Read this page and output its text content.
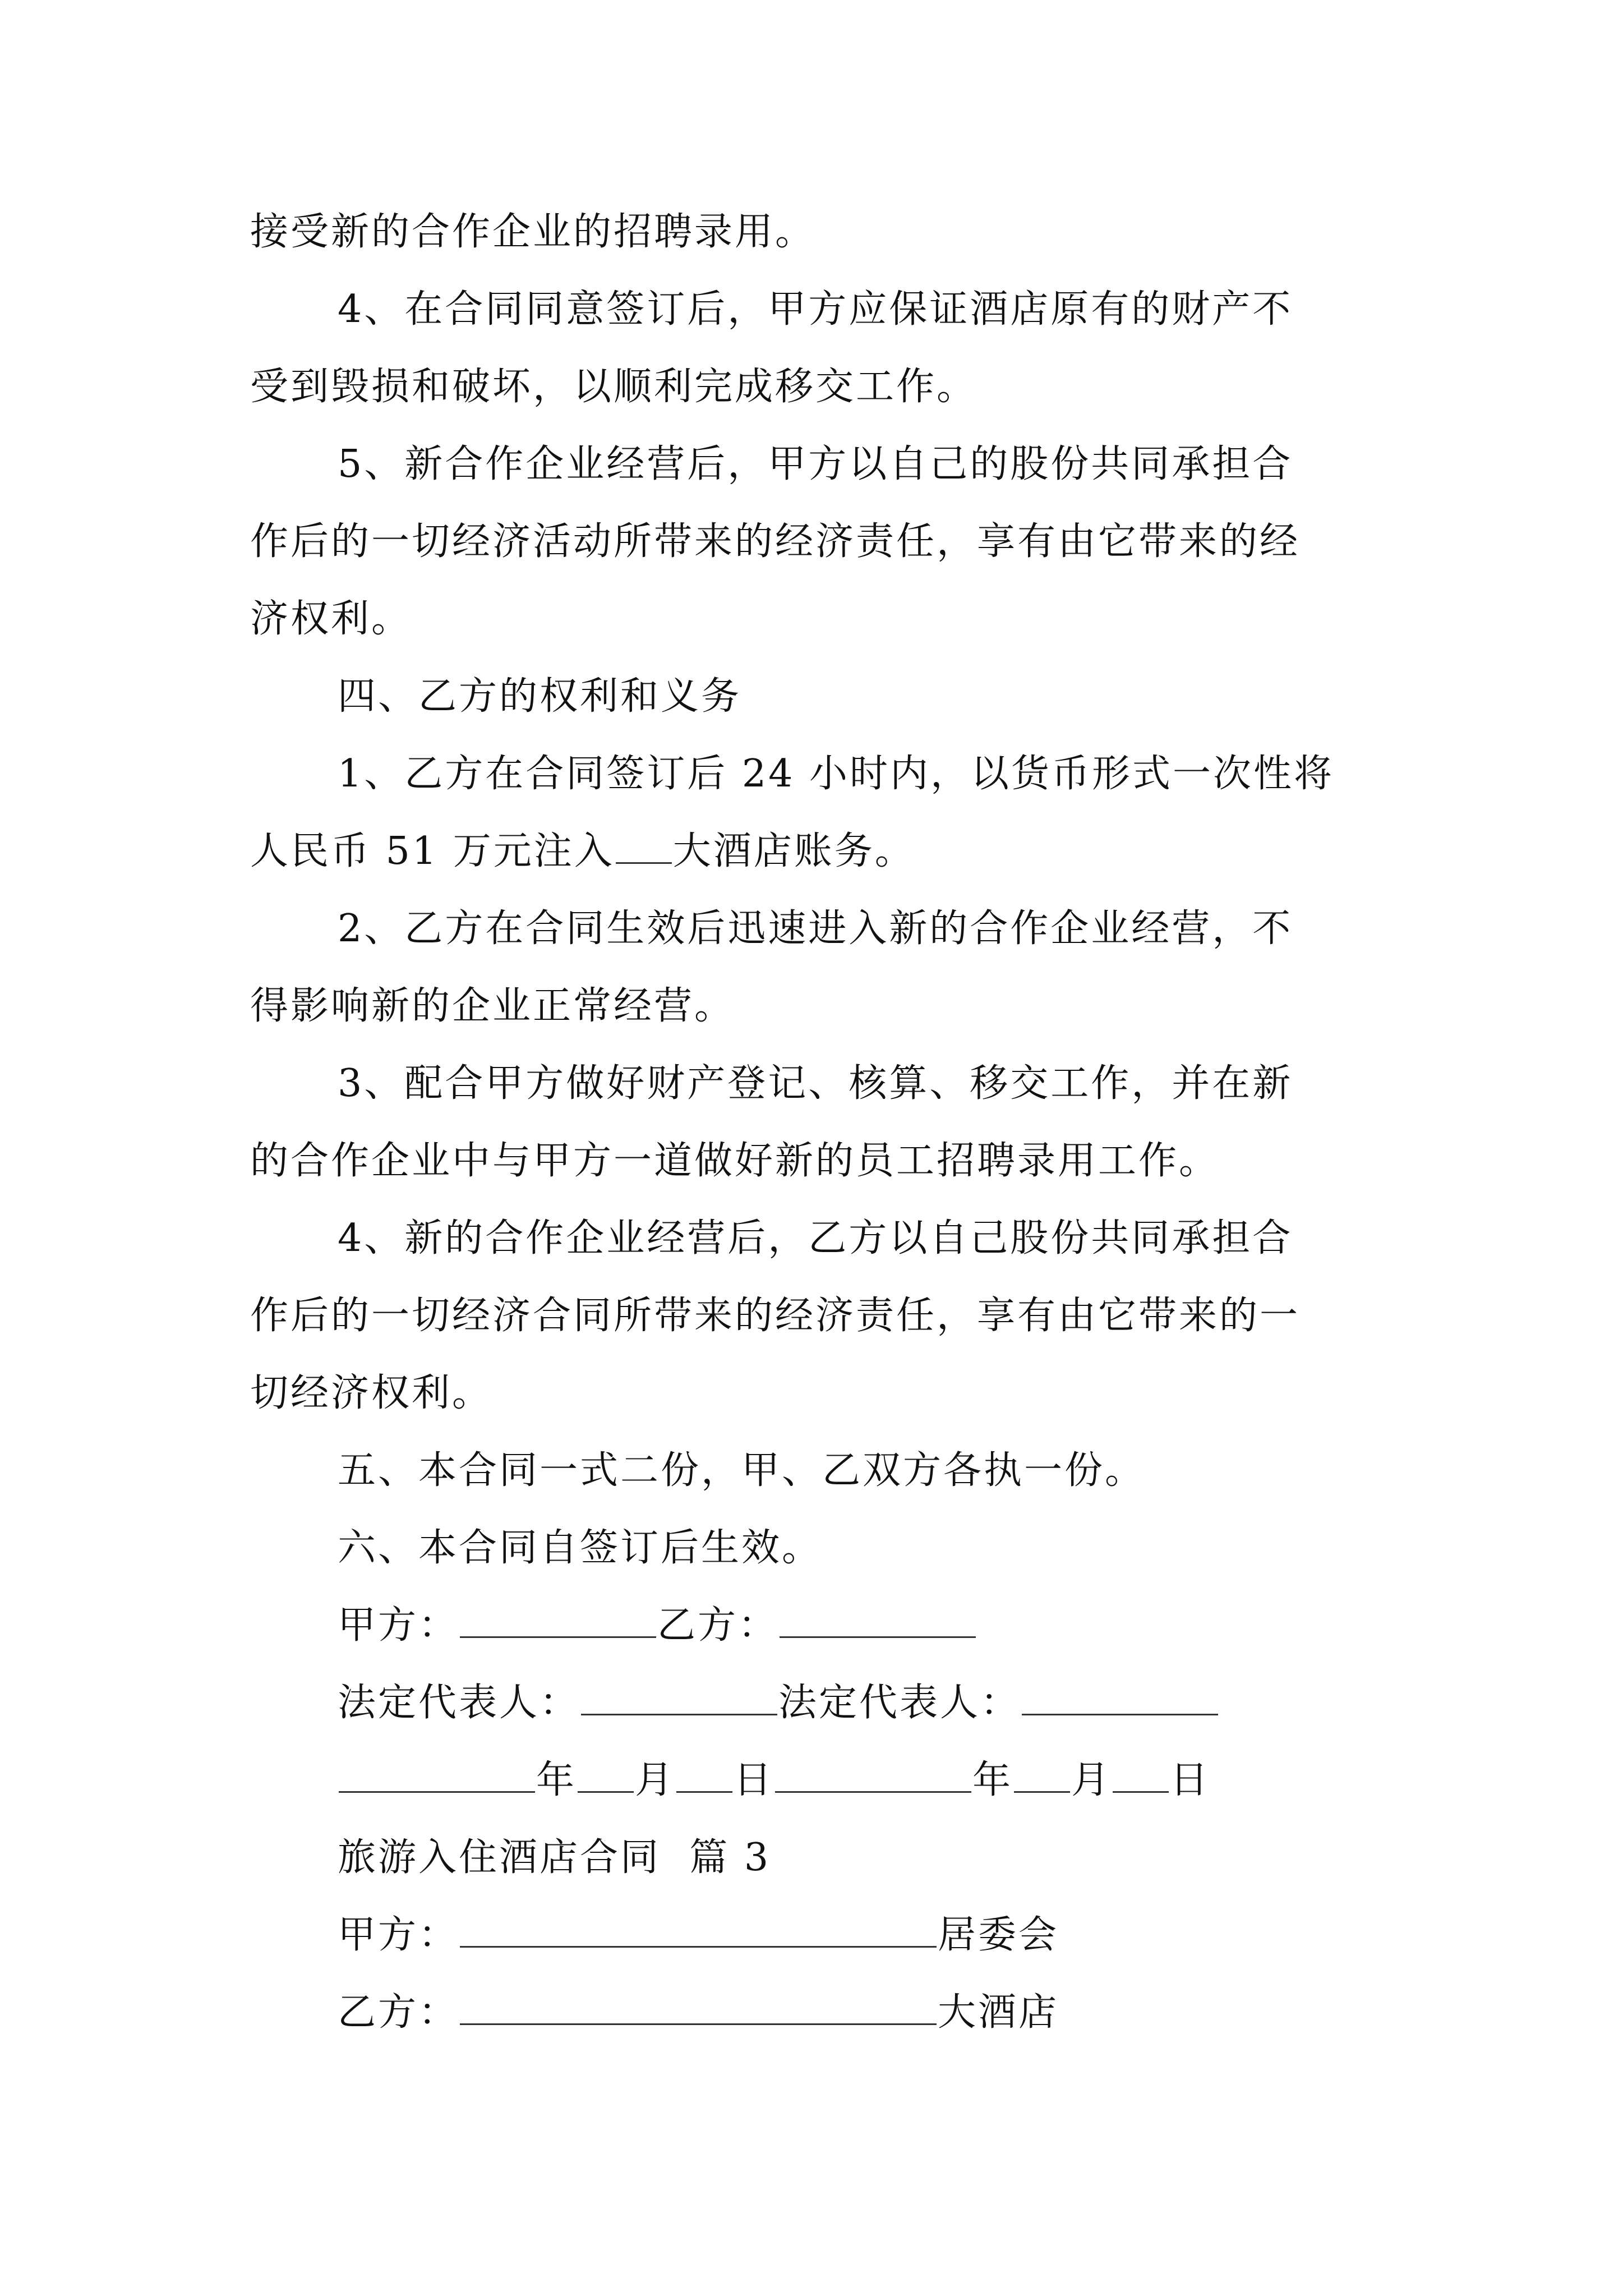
接受新的合作企业的招聘录用。
4、在合同同意签订后，甲方应保证酒店原有的财产不
受到毁损和破坏，以顺利完成移交工作。
5、新合作企业经营后，甲方以自己的股份共同承担合
作后的一切经济活动所带来的经济责任，享有由它带来的经
济权利。
四、乙方的权利和义务
1、乙方在合同签订后 24 小时内，以货币形式一次性将
人民币 51 万元注入 大酒店账务。
2、乙方在合同生效后迅速进入新的合作企业经营，不
得影响新的企业正常经营。
3、配合甲方做好财产登记、核算、移交工作，并在新
的合作企业中与甲方一道做好新的员工招聘录用工作。
4、新的合作企业经营后，乙方以自己股份共同承担合
作后的一切经济合同所带来的经济责任，享有由它带来的一
切经济权利。
五、本合同一式二份，甲、乙双方各执一份。
六、本合同自签订后生效。
甲方：	乙方：
法定代表人：	法定代表人：
年 月 日	年 月 日
旅游入住酒店合同 篇 3
甲方：	居委会
乙方：	大酒店
